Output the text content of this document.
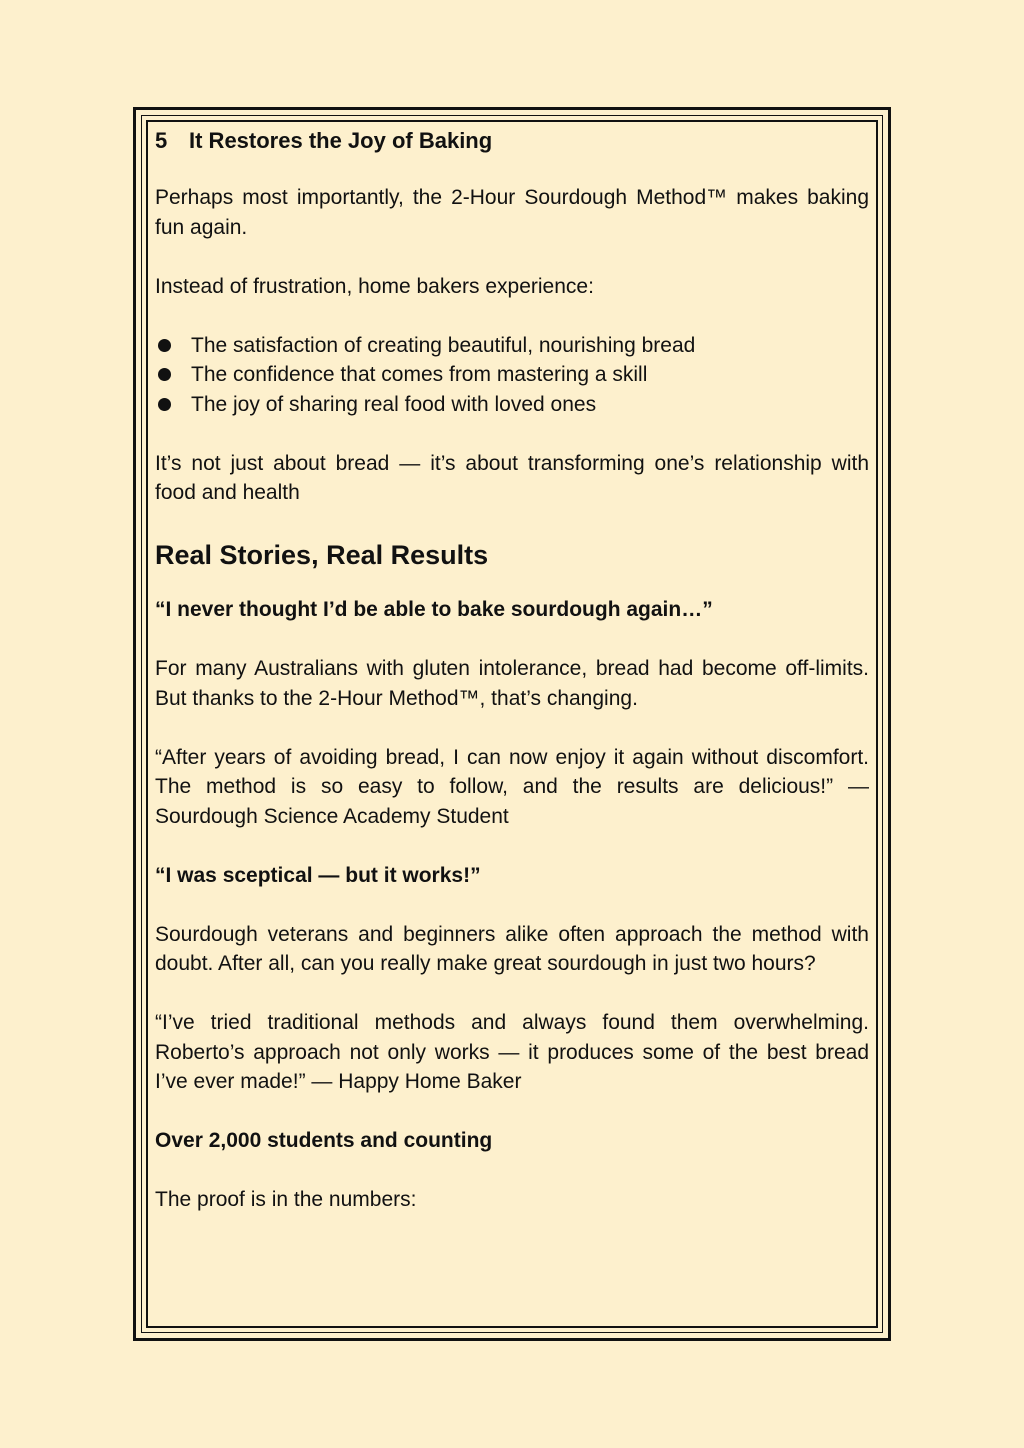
5 It Restores the Joy of Baking

Perhaps most importantly, the 2-Hour Sourdough Method™ makes baking fun again.

Instead of frustration, home bakers experience:

The satisfaction of creating beautiful, nourishing bread
The confidence that comes from mastering a skill
The joy of sharing real food with loved ones

It’s not just about bread — it’s about transforming one’s relationship with food and health

Real Stories, Real Results

“I never thought I’d be able to bake sourdough again…”

For many Australians with gluten intolerance, bread had become off-limits. But thanks to the 2-Hour Method™, that’s changing.

“After years of avoiding bread, I can now enjoy it again without discomfort. The method is so easy to follow, and the results are delicious!” — Sourdough Science Academy Student

“I was sceptical — but it works!”

Sourdough veterans and beginners alike often approach the method with doubt. After all, can you really make great sourdough in just two hours?

“I’ve tried traditional methods and always found them overwhelming. Roberto’s approach not only works — it produces some of the best bread I’ve ever made!” — Happy Home Baker

Over 2,000 students and counting

The proof is in the numbers:
